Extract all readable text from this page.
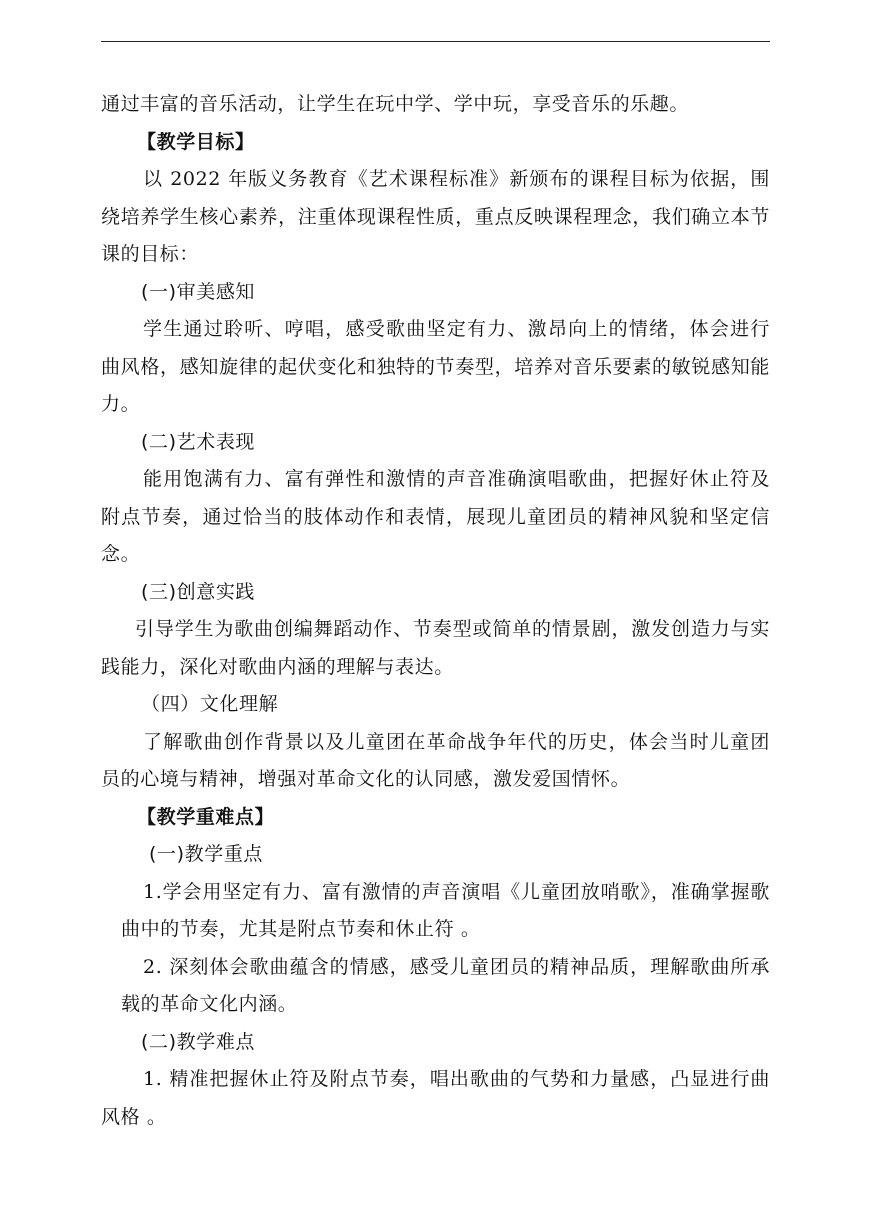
通过丰富的音乐活动，让学生在玩中学、学中玩，享受音乐的乐趣。

【教学目标】

以 2022 年版义务教育《艺术课程标准》新颁布的课程目标为依据，围绕培养学生核心素养，注重体现课程性质，重点反映课程理念，我们确立本节课的目标：

(一)审美感知

学生通过聆听、哼唱，感受歌曲坚定有力、激昂向上的情绪，体会进行曲风格，感知旋律的起伏变化和独特的节奏型，培养对音乐要素的敏锐感知能力。

(二)艺术表现

能用饱满有力、富有弹性和激情的声音准确演唱歌曲，把握好休止符及附点节奏，通过恰当的肢体动作和表情，展现儿童团员的精神风貌和坚定信念。

(三)创意实践

引导学生为歌曲创编舞蹈动作、节奏型或简单的情景剧，激发创造力与实践能力，深化对歌曲内涵的理解与表达。

（四）文化理解

了解歌曲创作背景以及儿童团在革命战争年代的历史，体会当时儿童团员的心境与精神，增强对革命文化的认同感，激发爱国情怀。

【教学重难点】

(一)教学重点

1.学会用坚定有力、富有激情的声音演唱《儿童团放哨歌》，准确掌握歌曲中的节奏，尤其是附点节奏和休止符 。

2. 深刻体会歌曲蕴含的情感，感受儿童团员的精神品质，理解歌曲所承载的革命文化内涵。

(二)教学难点

1. 精准把握休止符及附点节奏，唱出歌曲的气势和力量感，凸显进行曲风格 。
